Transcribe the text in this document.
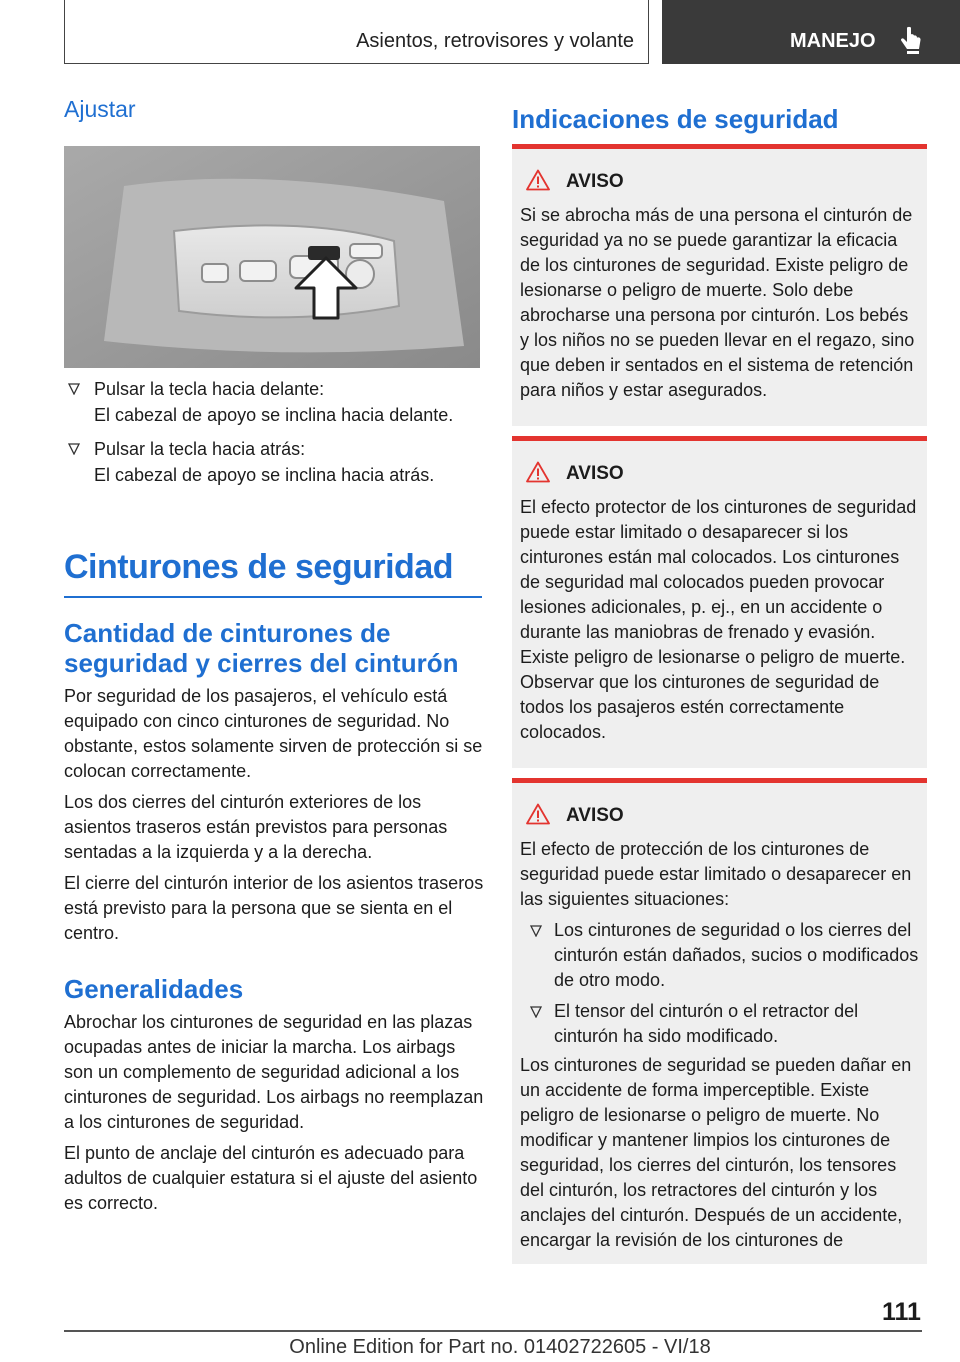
Asientos, retrovisores y volante	MANEJO
Ajustar
Pulsar la tecla hacia delante:
El cabezal de apoyo se inclina hacia delante.
Pulsar la tecla hacia atrás:
El cabezal de apoyo se inclina hacia atrás.
Cinturones de seguridad
Cantidad de cinturones de seguridad y cierres del cinturón

Por seguridad de los pasajeros, el vehículo está equipado con cinco cinturones de seguridad. No obstante, estos solamente sirven de protección si se colocan correctamente.

Los dos cierres del cinturón exteriores de los asientos traseros están previstos para personas sentadas a la izquierda y a la derecha.

El cierre del cinturón interior de los asientos traseros está previsto para la persona que se sienta en el centro.

Generalidades

Abrochar los cinturones de seguridad en las plazas ocupadas antes de iniciar la marcha. Los airbags son un complemento de seguridad adicional a los cinturones de seguridad. Los airbags no reemplazan a los cinturones de seguridad.

El punto de anclaje del cinturón es adecuado para adultos de cualquier estatura si el ajuste del asiento es correcto.

Indicaciones de seguridad
AVISO

Si se abrocha más de una persona el cinturón de seguridad ya no se puede garantizar la eficacia de los cinturones de seguridad. Existe peligro de lesionarse o peligro de muerte. Solo debe abrocharse una persona por cinturón. Los bebés y los niños no se pueden llevar en el regazo, sino que deben ir sentados en el sistema de retención para niños y estar asegurados.

AVISO

El efecto protector de los cinturones de seguridad puede estar limitado o desaparecer si los cinturones están mal colocados. Los cinturones de seguridad mal colocados pueden provocar lesiones adicionales, p. ej., en un accidente o durante las maniobras de frenado y evasión. Existe peligro de lesionarse o peligro de muerte. Observar que los cinturones de seguridad de todos los pasajeros estén correctamente colocados.

AVISO

El efecto de protección de los cinturones de seguridad puede estar limitado o desaparecer en las siguientes situaciones:

Los cinturones de seguridad o los cierres del cinturón están dañados, sucios o modificados de otro modo.
El tensor del cinturón o el retractor del cinturón ha sido modificado.

Los cinturones de seguridad se pueden dañar en un accidente de forma imperceptible. Existe peligro de lesionarse o peligro de muerte. No modificar y mantener limpios los cinturones de seguridad, los cierres del cinturón, los tensores del cinturón, los retractores del cinturón y los anclajes del cinturón. Después de un accidente, encargar la revisión de los cinturones de

111
Online Edition for Part no. 01402722605 - VI/18
